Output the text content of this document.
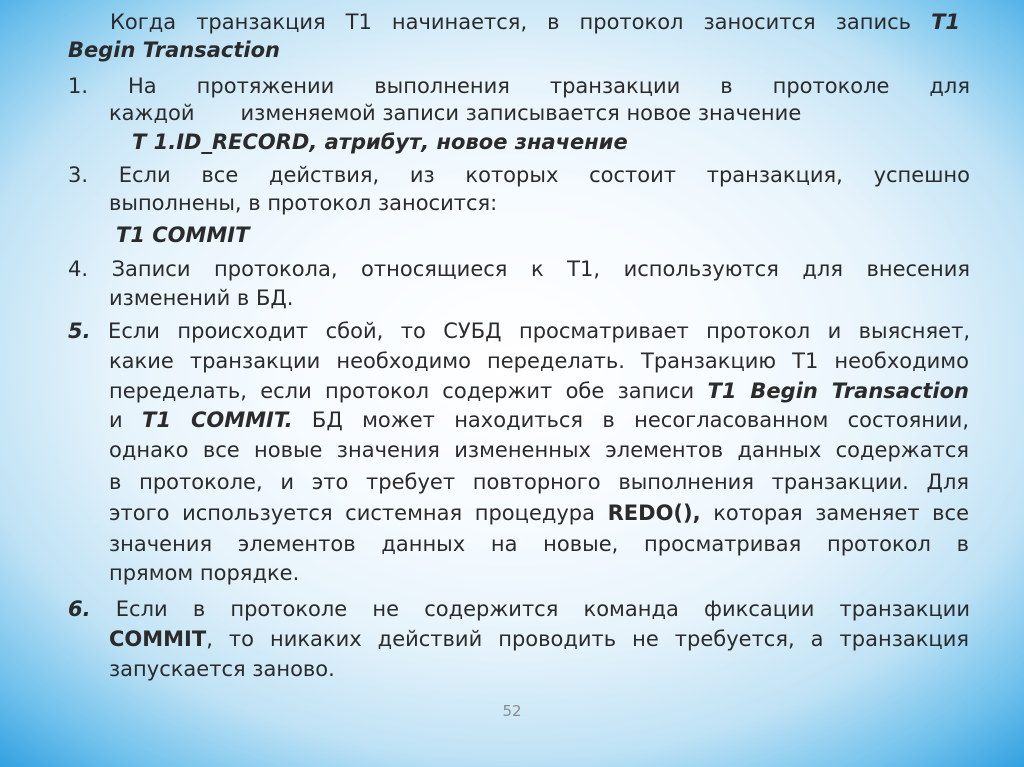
Когда транзакция Т1 начинается, в протокол заносится запись T1
Begin Transaction
1. На протяжении выполнения транзакции в протоколе для
каждой изменяемой записи записывается новое значение
T 1.ID_RECORD, атрибут, новое значение
3. Если все действия, из которых состоит транзакция, успешно
выполнены, в протокол заносится:
T1 COMMIT
4. Записи протокола, относящиеся к Т1, используются для внесения
изменений в БД.
5. Если происходит сбой, то СУБД просматривает протокол и выясняет,
какие транзакции необходимо переделать. Транзакцию Т1 необходимо
переделать, если протокол содержит обе записи T1 Begin Transaction
и T1 COMMIT. БД может находиться в несогласованном состоянии,
однако все новые значения измененных элементов данных содержатся
в протоколе, и это требует повторного выполнения транзакции. Для
этого используется системная процедура REDO(), которая заменяет все
значения элементов данных на новые, просматривая протокол в
прямом порядке.
6. Если в протоколе не содержится команда фиксации транзакции
COMMIT, то никаких действий проводить не требуется, а транзакция
запускается заново.
52
